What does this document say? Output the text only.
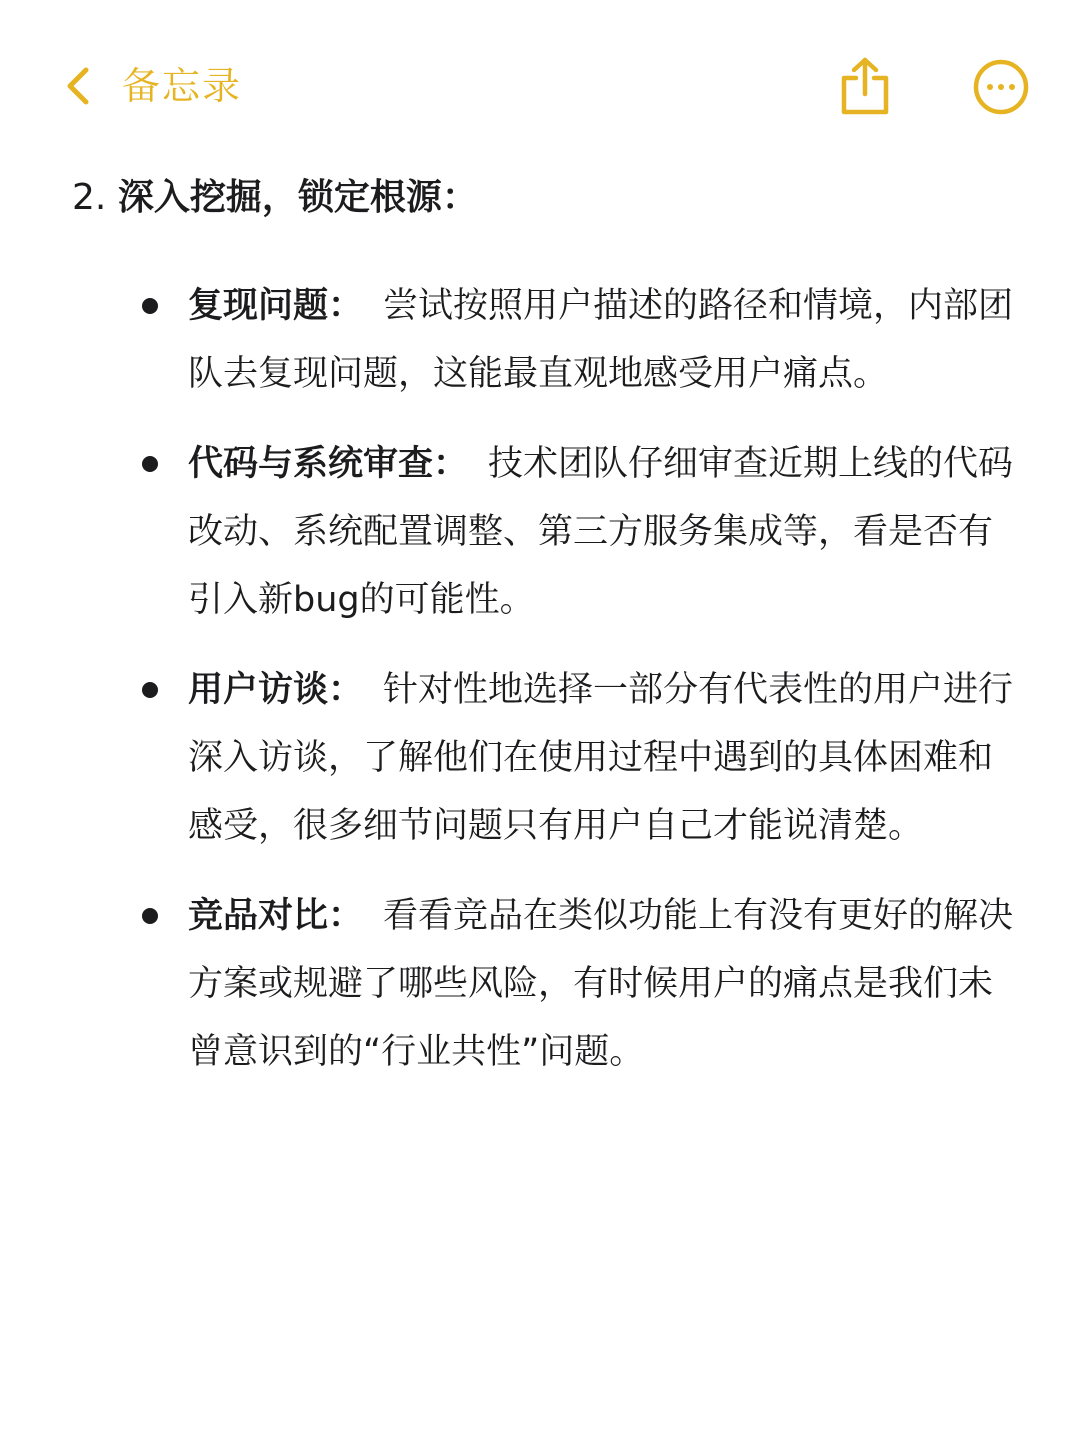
备忘录
2. 深入挖掘，锁定根源：
复现问题： 尝试按照用户描述的路径和情境，内部团队去复现问题，这能最直观地感受用户痛点。
代码与系统审查： 技术团队仔细审查近期上线的代码改动、系统配置调整、第三方服务集成等，看是否有引入新bug的可能性。
用户访谈： 针对性地选择一部分有代表性的用户进行深入访谈，了解他们在使用过程中遇到的具体困难和感受，很多细节问题只有用户自己才能说清楚。
竞品对比： 看看竞品在类似功能上有没有更好的解决方案或规避了哪些风险，有时候用户的痛点是我们未曾意识到的“行业共性”问题。
